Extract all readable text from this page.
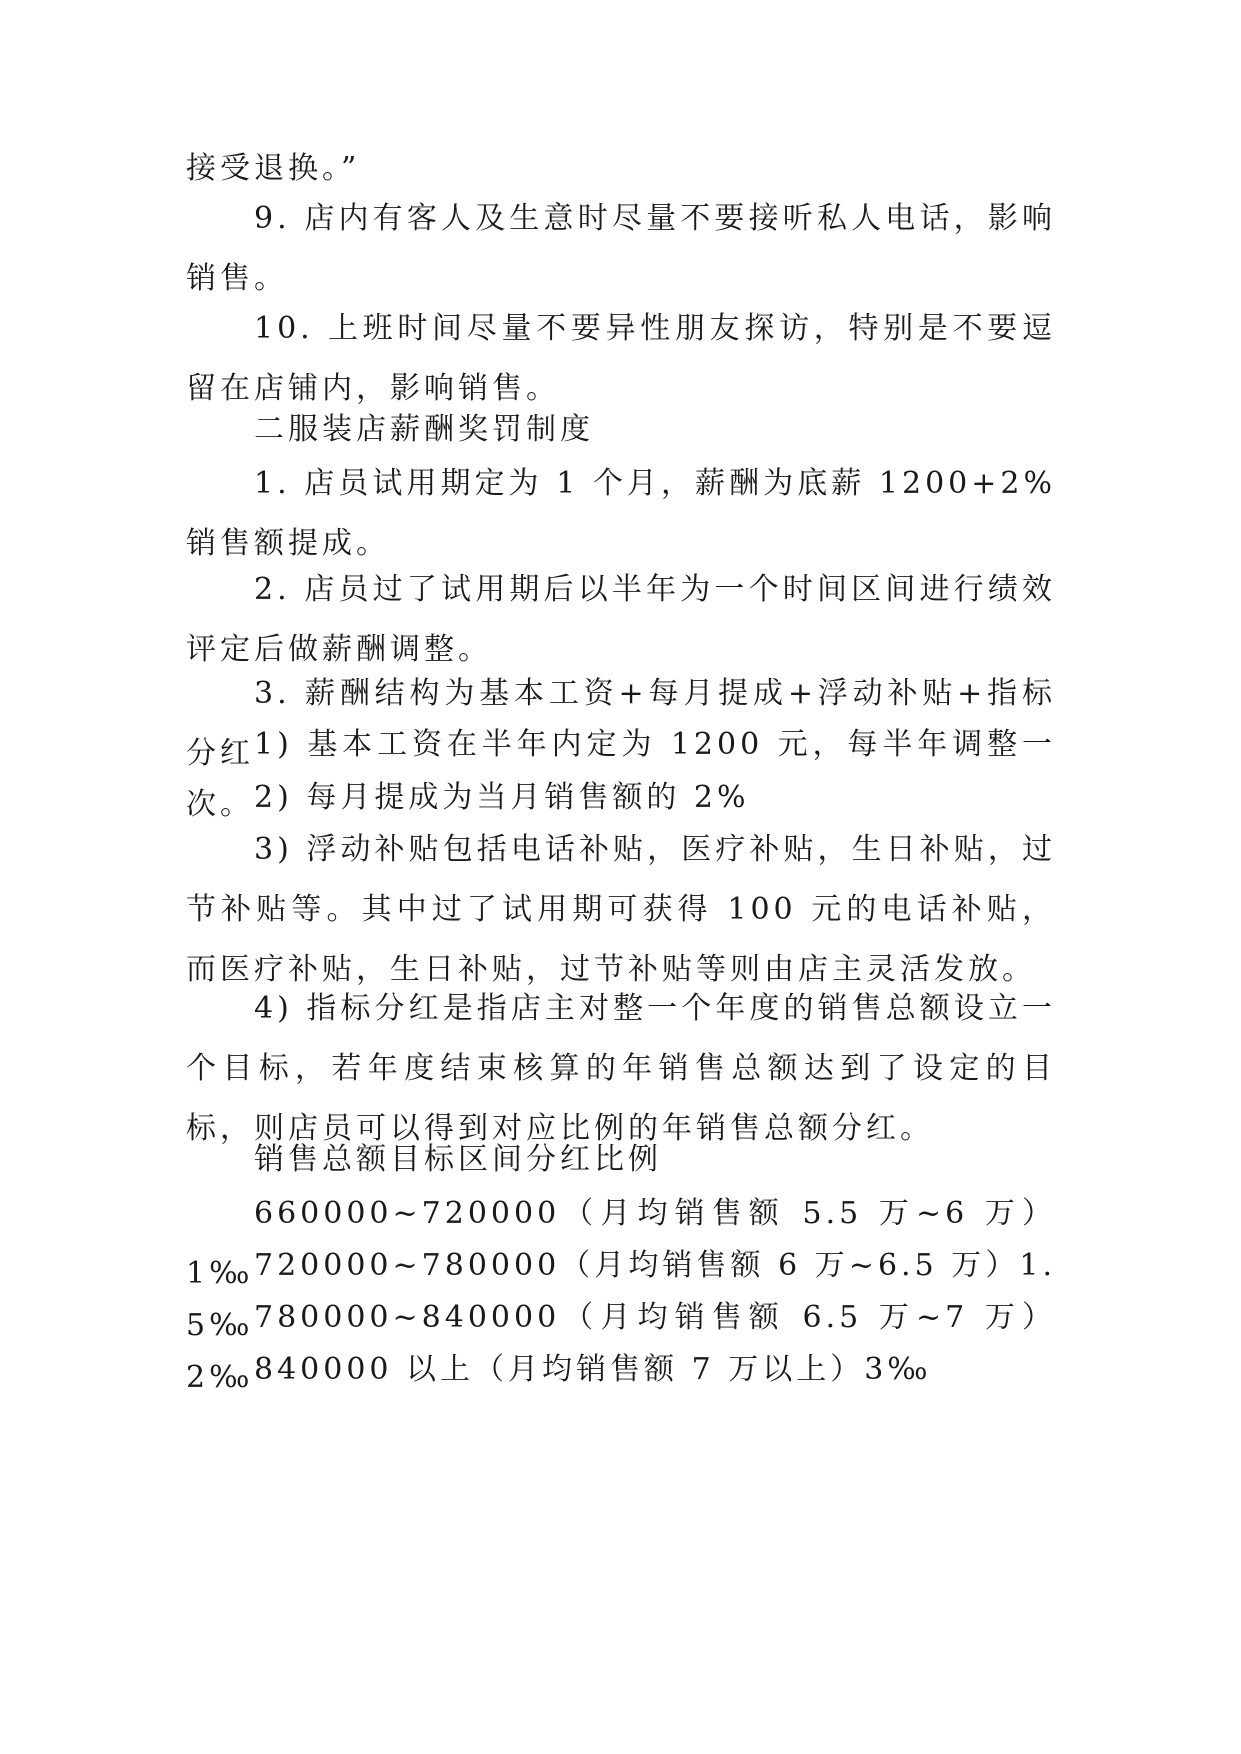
接受退换。”

9. 店内有客人及生意时尽量不要接听私人电话，影响销售。

10. 上班时间尽量不要异性朋友探访，特别是不要逗留在店铺内，影响销售。

二服装店薪酬奖罚制度

1. 店员试用期定为 1 个月，薪酬为底薪 1200+2%销售额提成。

2. 店员过了试用期后以半年为一个时间区间进行绩效评定后做薪酬调整。

3. 薪酬结构为基本工资+每月提成+浮动补贴+指标分红 1) 基本工资在半年内定为 1200 元，每半年调整一次。 2) 每月提成为当月销售额的 2%

3) 浮动补贴包括电话补贴，医疗补贴，生日补贴，过节补贴等。其中过了试用期可获得 100 元的电话补贴，而医疗补贴，生日补贴，过节补贴等则由店主灵活发放。

4) 指标分红是指店主对整一个年度的销售总额设立一个目标，若年度结束核算的年销售总额达到了设定的目标，则店员可以得到对应比例的年销售总额分红。

销售总额目标区间分红比例

660000~720000（月均销售额 5.5 万~6 万）1‰ 720000~780000（月均销售额 6 万~6.5 万）1.5‰ 780000~840000（月均销售额 6.5 万~7 万）2‰ 840000 以上（月均销售额 7 万以上）3‰
